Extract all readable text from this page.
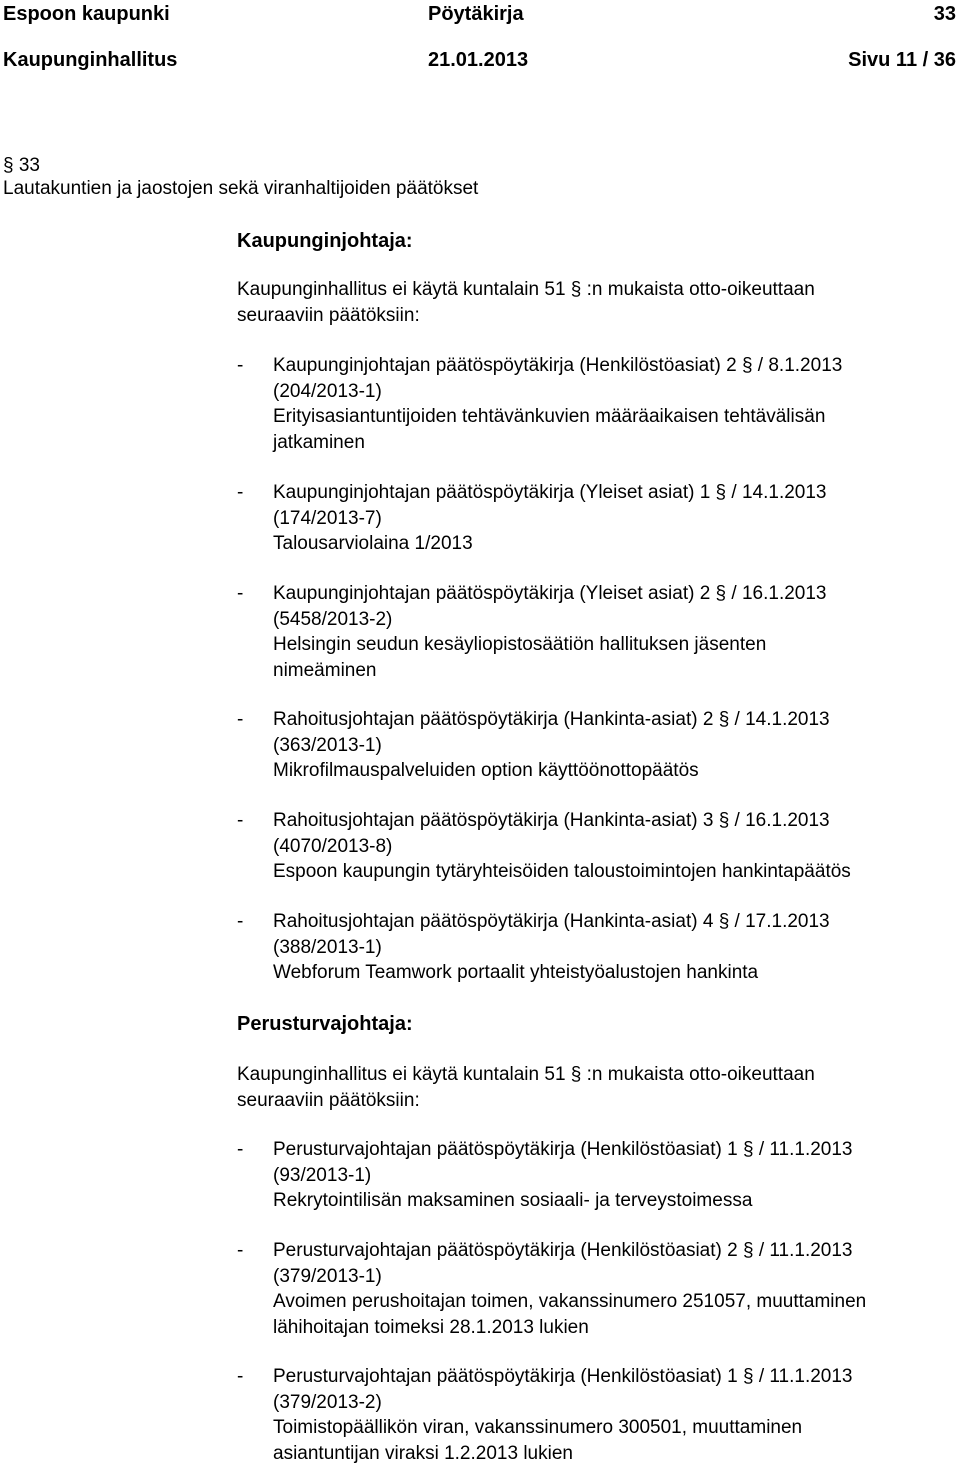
Espoon kaupunki	Pöytäkirja	33
Kaupunginhallitus	21.01.2013	Sivu 11 / 36
§ 33
Lautakuntien ja jaostojen sekä viranhaltijoiden päätökset
Kaupunginjohtaja:
Kaupunginhallitus ei käytä kuntalain 51 § :n mukaista otto-oikeuttaan
seuraaviin päätöksiin:
- Kaupunginjohtajan päätöspöytäkirja (Henkilöstöasiat) 2 § / 8.1.2013
(204/2013-1)
Erityisasiantuntijoiden tehtävänkuvien määräaikaisen tehtävälisän
jatkaminen
- Kaupunginjohtajan päätöspöytäkirja (Yleiset asiat) 1 § / 14.1.2013
(174/2013-7)
Talousarviolaina 1/2013
- Kaupunginjohtajan päätöspöytäkirja (Yleiset asiat) 2 § / 16.1.2013
(5458/2013-2)
Helsingin seudun kesäyliopistosäätiön hallituksen jäsenten
nimeäminen
- Rahoitusjohtajan päätöspöytäkirja (Hankinta-asiat) 2 § / 14.1.2013
(363/2013-1)
Mikrofilmauspalveluiden option käyttöönottopäätös
- Rahoitusjohtajan päätöspöytäkirja (Hankinta-asiat) 3 § / 16.1.2013
(4070/2013-8)
Espoon kaupungin tytäryhteisöiden taloustoimintojen hankintapäätös
- Rahoitusjohtajan päätöspöytäkirja (Hankinta-asiat) 4 § / 17.1.2013
(388/2013-1)
Webforum Teamwork portaalit yhteistyöalustojen hankinta
Perusturvajohtaja:
Kaupunginhallitus ei käytä kuntalain 51 § :n mukaista otto-oikeuttaan
seuraaviin päätöksiin:
- Perusturvajohtajan päätöspöytäkirja (Henkilöstöasiat) 1 § / 11.1.2013
(93/2013-1)
Rekrytointilisän maksaminen sosiaali- ja terveystoimessa
- Perusturvajohtajan päätöspöytäkirja (Henkilöstöasiat) 2 § / 11.1.2013
(379/2013-1)
Avoimen perushoitajan toimen, vakanssinumero 251057, muuttaminen
lähihoitajan toimeksi 28.1.2013 lukien
- Perusturvajohtajan päätöspöytäkirja (Henkilöstöasiat) 1 § / 11.1.2013
(379/2013-2)
Toimistopäällikön viran, vakanssinumero 300501, muuttaminen
asiantuntijan viraksi 1.2.2013 lukien
